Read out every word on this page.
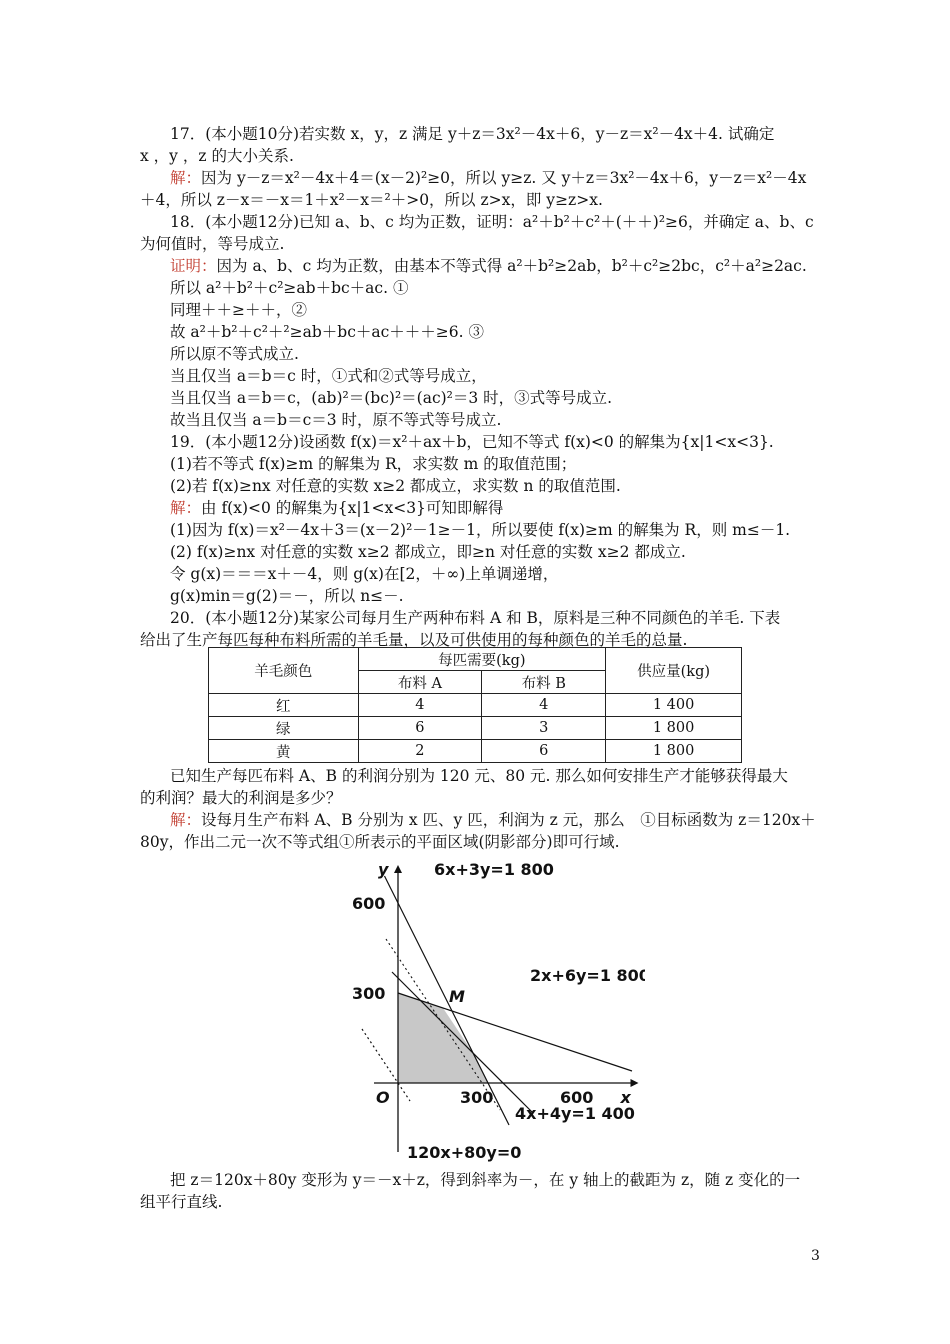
17．(本小题10分)若实数 x，y，z 满足 y＋z＝3x²－4x＋6，y－z＝x²－4x＋4. 试确定
x ，y ，z 的大小关系.
解：因为 y－z＝x²－4x＋4＝(x－2)²≥0，所以 y≥z. 又 y＋z＝3x²－4x＋6，y－z＝x²－4x
＋4，所以 z－x＝－x＝1＋x²－x＝²＋>0，所以 z>x，即 y≥z>x.
18．(本小题12分)已知 a、b、c 均为正数，证明：a²＋b²＋c²＋(＋＋)²≥6，并确定 a、b、c
为何值时，等号成立.
证明：因为 a、b、c 均为正数，由基本不等式得 a²＋b²≥2ab，b²＋c²≥2bc，c²＋a²≥2ac.
所以 a²＋b²＋c²≥ab＋bc＋ac. ①
同理＋＋≥＋＋，②
故 a²＋b²＋c²＋²≥ab＋bc＋ac＋＋＋≥6. ③
所以原不等式成立.
当且仅当 a＝b＝c 时，①式和②式等号成立，
当且仅当 a＝b＝c，(ab)²＝(bc)²＝(ac)²＝3 时，③式等号成立.
故当且仅当 a＝b＝c＝3 时，原不等式等号成立.
19．(本小题12分)设函数 f(x)＝x²＋ax＋b，已知不等式 f(x)<0 的解集为{x|1<x<3}.
(1)若不等式 f(x)≥m 的解集为 R，求实数 m 的取值范围；
(2)若 f(x)≥nx 对任意的实数 x≥2 都成立，求实数 n 的取值范围.
解：由 f(x)<0 的解集为{x|1<x<3}可知即解得
(1)因为 f(x)＝x²－4x＋3＝(x－2)²－1≥－1，所以要使 f(x)≥m 的解集为 R，则 m≤－1.
(2) f(x)≥nx 对任意的实数 x≥2 都成立，即≥n 对任意的实数 x≥2 都成立.
令 g(x)＝＝＝x＋－4，则 g(x)在[2，＋∞)上单调递增，
g(x)min＝g(2)＝－，所以 n≤－.
20．(本小题12分)某家公司每月生产两种布料 A 和 B，原料是三种不同颜色的羊毛. 下表
给出了生产每匹每种布料所需的羊毛量，以及可供使用的每种颜色的羊毛的总量.
羊毛颜色	每匹需要(kg)		供应量(kg)
	布料 A	布料 B	
红	4	4	1 400
绿	6	3	1 800
黄	2	6	1 800
已知生产每匹布料 A、B 的利润分别为 120 元、80 元. 那么如何安排生产才能够获得最大
的利润？最大的利润是多少？
解：设每月生产布料 A、B 分别为 x 匹、y 匹，利润为 z 元，那么　①目标函数为 z＝120x＋
80y，作出二元一次不等式组①所表示的平面区域(阴影部分)即可行域.
6x+3y=1 800
2x+6y=1 800
4x+4y=1 400
120x+80y=0
600
300
300	600
O	x
y
M
把 z＝120x＋80y 变形为 y＝－x＋z，得到斜率为－，在 y 轴上的截距为 z，随 z 变化的一
组平行直线.
3
